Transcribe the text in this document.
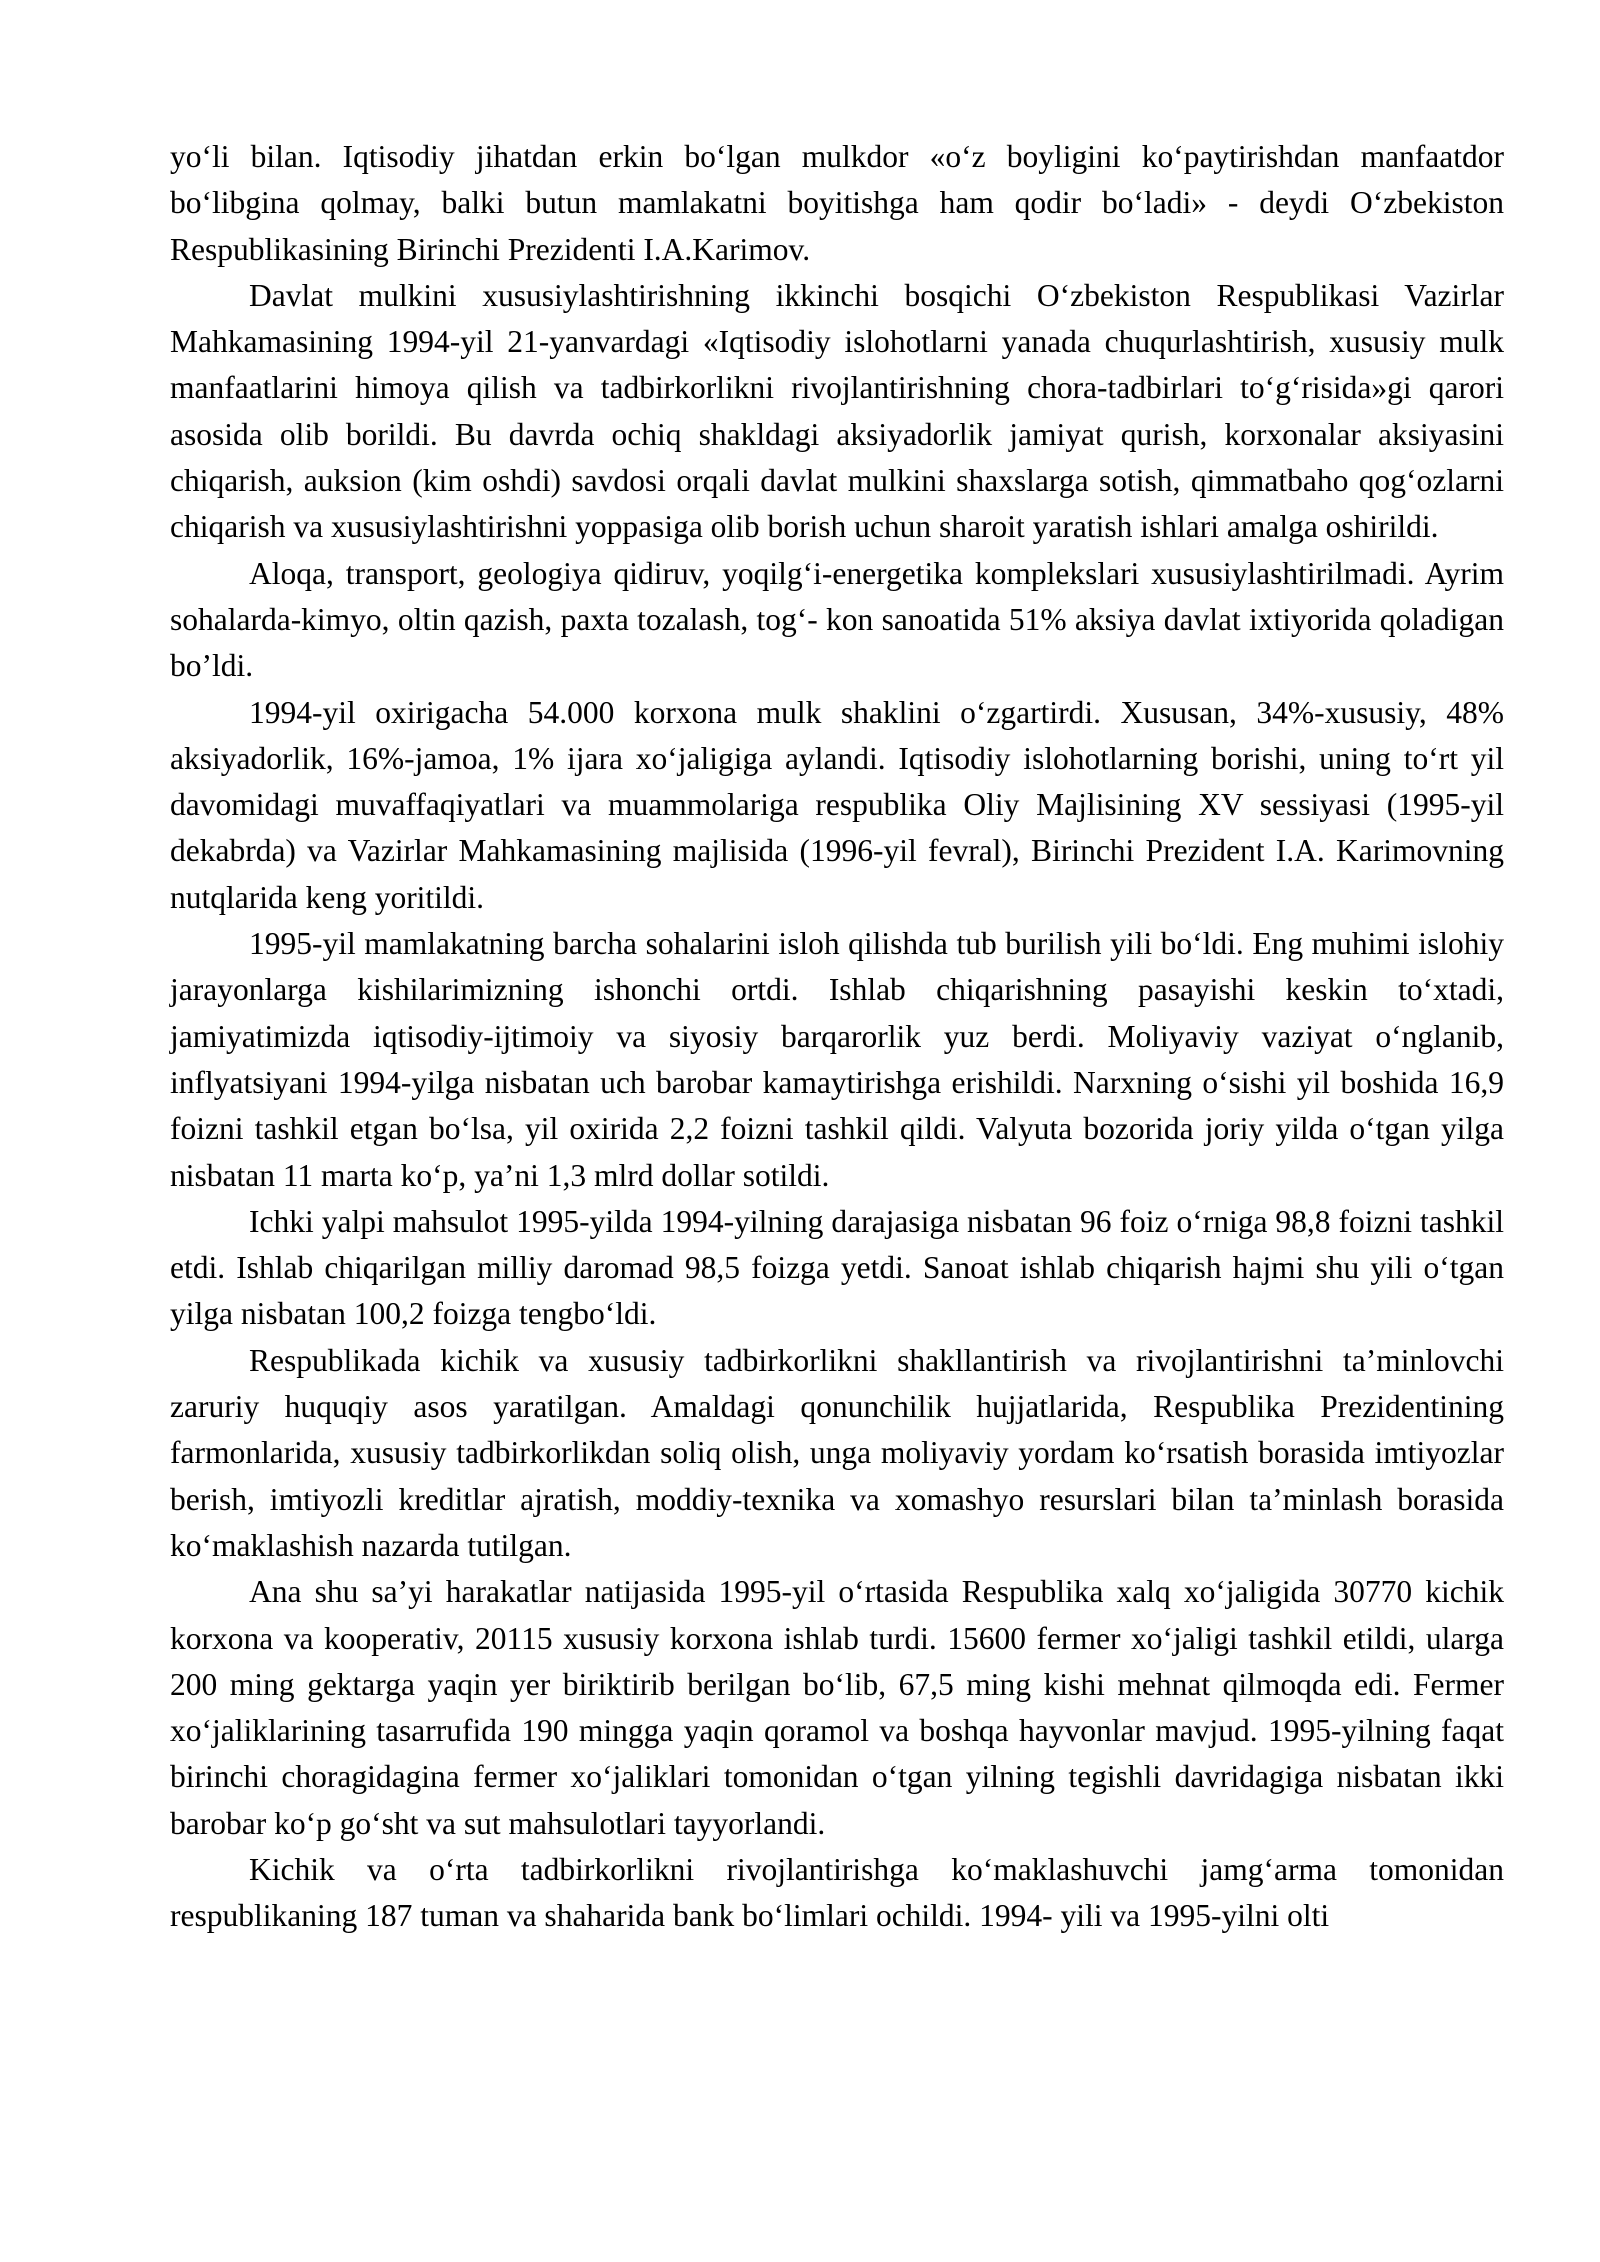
yo‘li bilan. Iqtisodiy jihatdan erkin bo‘lgan mulkdor «o‘z boyligini ko‘paytirishdan manfaatdor bo‘libgina qolmay, balki butun mamlakatni boyitishga ham qodir bo‘ladi» - deydi O‘zbekiston Respublikasining Birinchi Prezidenti I.A.Karimov.

Davlat mulkini xususiylashtirishning ikkinchi bosqichi O‘zbekiston Respublikasi Vazirlar Mahkamasining 1994-yil 21-yanvardagi «Iqtisodiy islohotlarni yanada chuqurlashtirish, xususiy mulk manfaatlarini himoya qilish va tadbirkorlikni rivojlantirishning chora-tadbirlari to‘g‘risida»gi qarori asosida olib borildi. Bu davrda ochiq shakldagi aksiyadorlik jamiyat qurish, korxonalar aksiyasini chiqarish, auksion (kim oshdi) savdosi orqali davlat mulkini shaxslarga sotish, qimmatbaho qog‘ozlarni chiqarish va xususiylashtirishni yoppasiga olib borish uchun sharoit yaratish ishlari amalga oshirildi.

Aloqa, transport, geologiya qidiruv, yoqilg‘i-energetika komplekslari xususiylashtirilmadi. Ayrim sohalarda-kimyo, oltin qazish, paxta tozalash, tog‘- kon sanoatida 51% aksiya davlat ixtiyorida qoladigan bo’ldi.

1994-yil oxirigacha 54.000 korxona mulk shaklini o‘zgartirdi. Xususan, 34%-xususiy, 48% aksiyadorlik, 16%-jamoa, 1% ijara xo‘jaligiga aylandi. Iqtisodiy islohotlarning borishi, uning to‘rt yil davomidagi muvaffaqiyatlari va muammolariga respublika Oliy Majlisining XV sessiyasi (1995-yil dekabrda) va Vazirlar Mahkamasining majlisida (1996-yil fevral), Birinchi Prezident I.A. Karimovning nutqlarida keng yoritildi.

1995-yil mamlakatning barcha sohalarini isloh qilishda tub burilish yili bo‘ldi. Eng muhimi islohiy jarayonlarga kishilarimizning ishonchi ortdi. Ishlab chiqarishning pasayishi keskin to‘xtadi, jamiyatimizda iqtisodiy-ijtimoiy va siyosiy barqarorlik yuz berdi. Moliyaviy vaziyat o‘nglanib, inflyatsiyani 1994-yilga nisbatan uch barobar kamaytirishga erishildi. Narxning o‘sishi yil boshida 16,9 foizni tashkil etgan bo‘lsa, yil oxirida 2,2 foizni tashkil qildi. Valyuta bozorida joriy yilda o‘tgan yilga nisbatan 11 marta ko‘p, ya’ni 1,3 mlrd dollar sotildi.

Ichki yalpi mahsulot 1995-yilda 1994-yilning darajasiga nisbatan 96 foiz o‘rniga 98,8 foizni tashkil etdi. Ishlab chiqarilgan milliy daromad 98,5 foizga yetdi. Sanoat ishlab chiqarish hajmi shu yili o‘tgan yilga nisbatan 100,2 foizga tengbo‘ldi.

Respublikada kichik va xususiy tadbirkorlikni shakllantirish va rivojlantirishni ta’minlovchi zaruriy huquqiy asos yaratilgan. Amaldagi qonunchilik hujjatlarida, Respublika Prezidentining farmonlarida, xususiy tadbirkorlikdan soliq olish, unga moliyaviy yordam ko‘rsatish borasida imtiyozlar berish, imtiyozli kreditlar ajratish, moddiy-texnika va xomashyo resurslari bilan ta’minlash borasida ko‘maklashish nazarda tutilgan.

Ana shu sa’yi harakatlar natijasida 1995-yil o‘rtasida Respublika xalq xo‘jaligida 30770 kichik korxona va kooperativ, 20115 xususiy korxona ishlab turdi. 15600 fermer xo‘jaligi tashkil etildi, ularga 200 ming gektarga yaqin yer biriktirib berilgan bo‘lib, 67,5 ming kishi mehnat qilmoqda edi. Fermer xo‘jaliklarining tasarrufida 190 mingga yaqin qoramol va boshqa hayvonlar mavjud. 1995-yilning faqat birinchi choragidagina fermer xo‘jaliklari tomonidan o‘tgan yilning tegishli davridagiga nisbatan ikki barobar ko‘p go‘sht va sut mahsulotlari tayyorlandi.

Kichik va o‘rta tadbirkorlikni rivojlantirishga ko‘maklashuvchi jamg‘arma tomonidan respublikaning 187 tuman va shaharida bank bo‘limlari ochildi. 1994- yili va 1995-yilni olti
